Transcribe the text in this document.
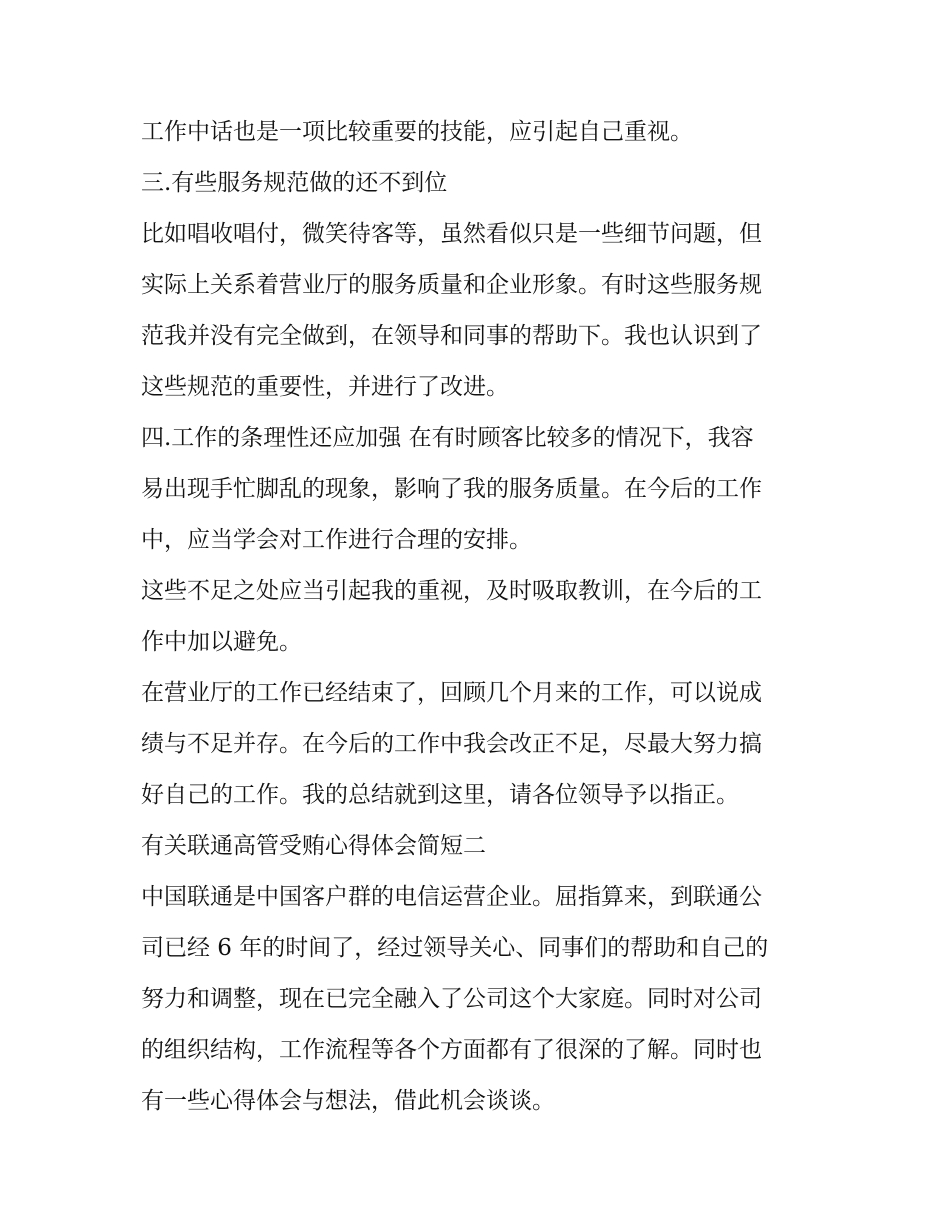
工作中话也是一项比较重要的技能，应引起自己重视。
三.有些服务规范做的还不到位
比如唱收唱付，微笑待客等，虽然看似只是一些细节问题，但
实际上关系着营业厅的服务质量和企业形象。有时这些服务规
范我并没有完全做到，在领导和同事的帮助下。我也认识到了
这些规范的重要性，并进行了改进。
四.工作的条理性还应加强 在有时顾客比较多的情况下，我容
易出现手忙脚乱的现象，影响了我的服务质量。在今后的工作
中，应当学会对工作进行合理的安排。
这些不足之处应当引起我的重视，及时吸取教训，在今后的工
作中加以避免。
在营业厅的工作已经结束了，回顾几个月来的工作，可以说成
绩与不足并存。在今后的工作中我会改正不足，尽最大努力搞
好自己的工作。我的总结就到这里，请各位领导予以指正。
有关联通高管受贿心得体会简短二
中国联通是中国客户群的电信运营企业。屈指算来，到联通公
司已经 6 年的时间了，经过领导关心、同事们的帮助和自己的
努力和调整，现在已完全融入了公司这个大家庭。同时对公司
的组织结构，工作流程等各个方面都有了很深的了解。同时也
有一些心得体会与想法，借此机会谈谈。
